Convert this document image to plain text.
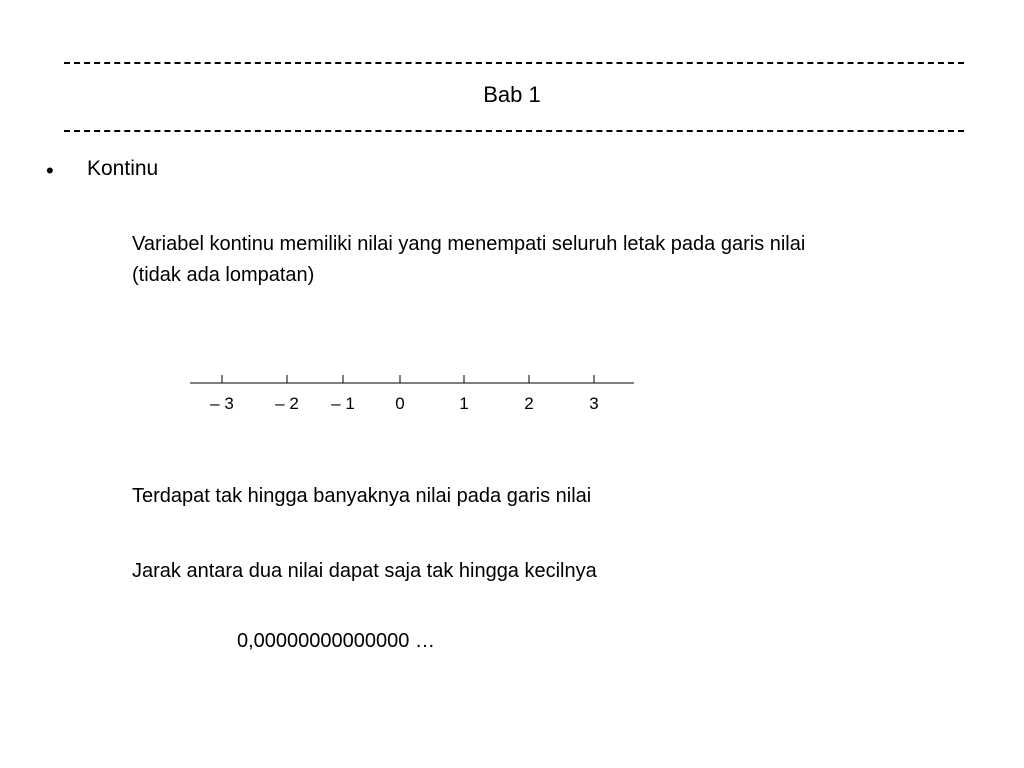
Bab 1
• Kontinu
Variabel kontinu memiliki nilai yang menempati seluruh letak pada garis nilai
(tidak ada lompatan)
– 3 – 2 – 1 0	1	2	3
Terdapat tak hingga banyaknya nilai pada garis nilai
Jarak antara dua nilai dapat saja tak hingga kecilnya
0,00000000000000 …
